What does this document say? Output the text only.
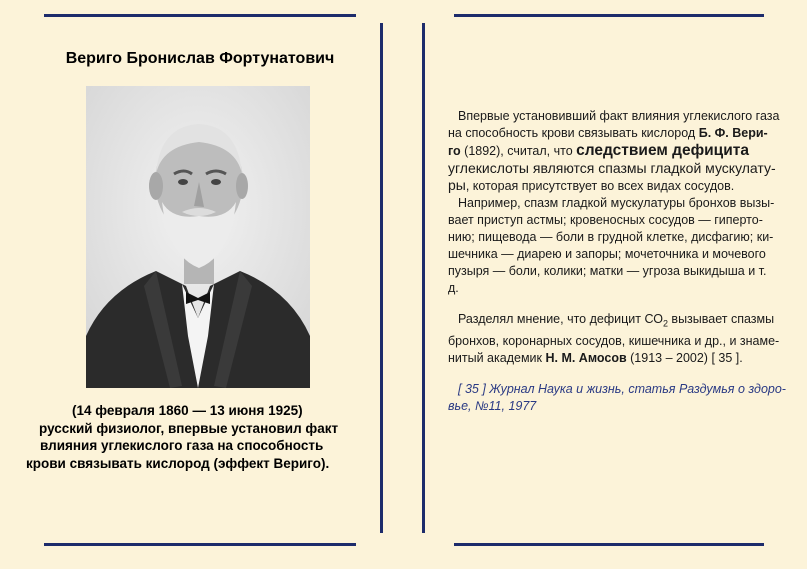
Вериго Бронислав Фортунатович
(14 февраля 1860 — 13 июня 1925)
русский физиолог, впервые установил факт
влияния углекислого газа на способность
крови связывать кислород (эффект Вериго).
Впервые установивший факт влияния углекислого газа
на способность крови связывать кислород Б. Ф. Вери-
го (1892), считал, что следствием дефицита
углекислоты являются спазмы гладкой мускулату-
ры, которая присутствует во всех видах сосудов.
Например, спазм гладкой мускулатуры бронхов вызы-
вает приступ астмы; кровеносных сосудов — гиперто-
нию; пищевода — боли в грудной клетке, дисфагию; ки-
шечника — диарею и запоры; мочеточника и мочевого
пузыря — боли, колики; матки — угроза выкидыша и т.
д.
Разделял мнение, что дефицит $СО_2$ вызывает спазмы
бронхов, коронарных сосудов, кишечника и др., и знаме-
нитый академик Н. М. Амосов (1913 – 2002) [ 35 ].
[ 35 ] Журнал Наука и жизнь, статья Раздумья о здоро-
вье, №11, 1977
